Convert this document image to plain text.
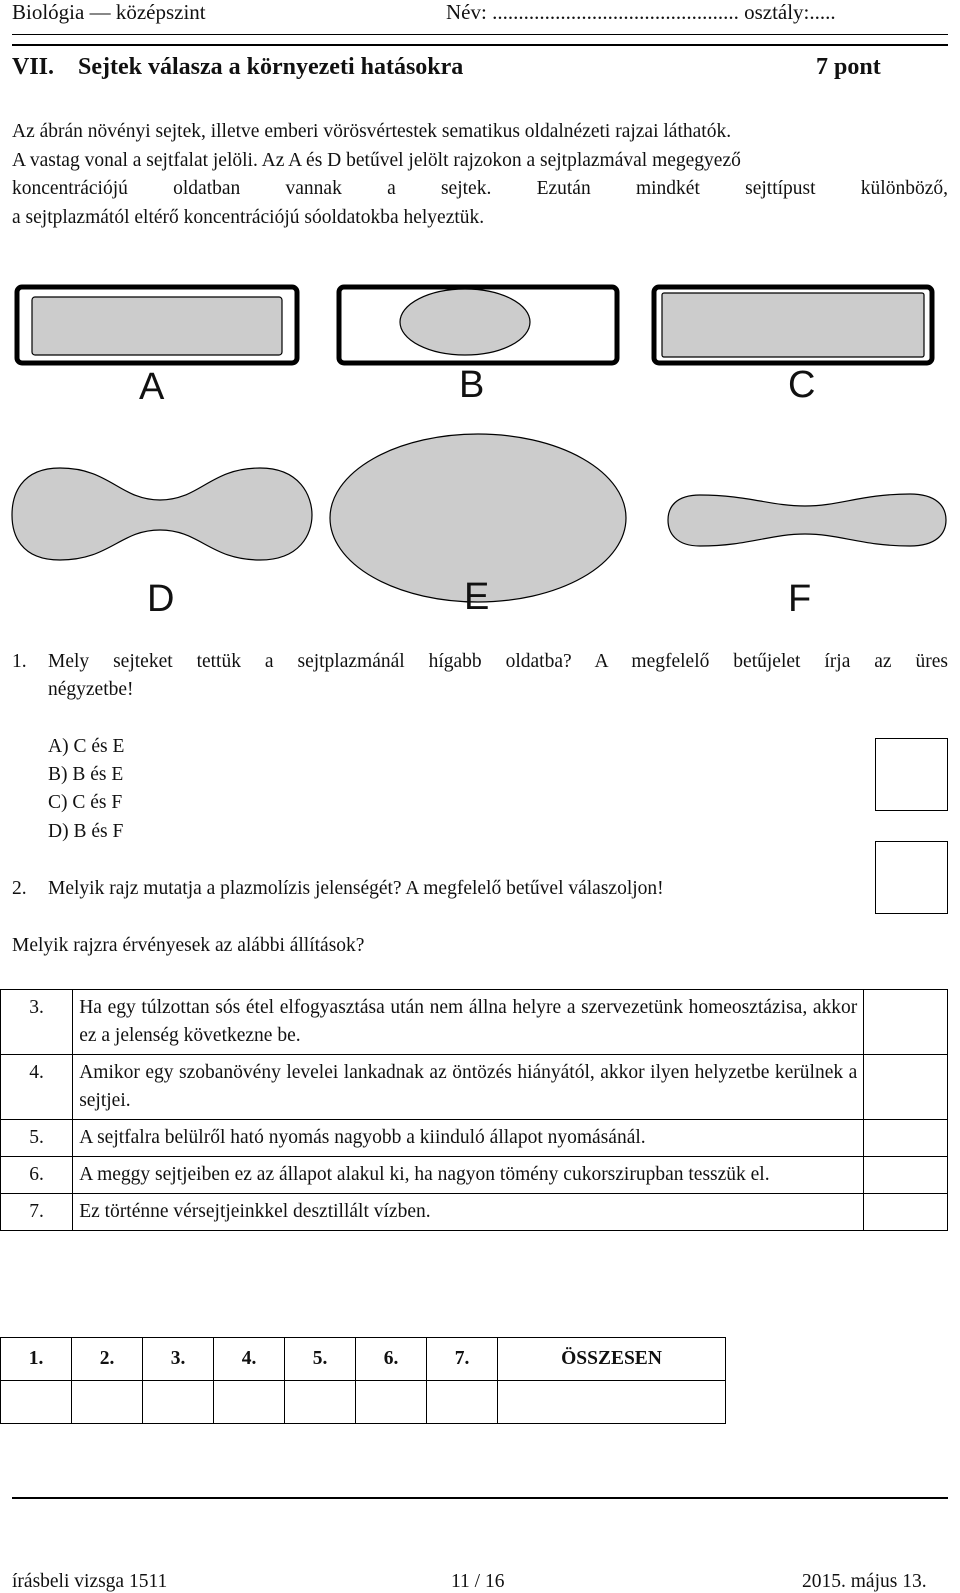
Biológia — középszint	Név: ............................................... osztály:.....
VII. Sejtek válasza a környezeti hatásokra	7 pont
Az ábrán növényi sejtek, illetve emberi vörösvértestek sematikus oldalnézeti rajzai láthatók.
A vastag vonal a sejtfalat jelöli. Az A és D betűvel jelölt rajzokon a sejtplazmával megegyező
koncentrációjú oldatban vannak a sejtek. Ezután mindkét sejttípust különböző,
a sejtplazmától eltérő koncentrációjú sóoldatokba helyeztük.
A	B	C
D	E	F
1. Mely sejteket tettük a sejtplazmánál hígabb oldatba? A megfelelő betűjelet írja az üres
négyzetbe!
A) C és E
B) B és E
C) C és F
D) B és F
2. Melyik rajz mutatja a plazmolízis jelenségét? A megfelelő betűvel válaszoljon!
Melyik rajzra érvényesek az alábbi állítások?
3.	Ha egy túlzottan sós étel elfogyasztása után nem állna helyre a szervezetünk homeosztázisa, akkor ez a jelenség következne be.	
4.	Amikor egy szobanövény levelei lankadnak az öntözés hiányától, akkor ilyen helyzetbe kerülnek a sejtjei.	
5.	A sejtfalra belülről ható nyomás nagyobb a kiinduló állapot nyomásánál.	
6.	A meggy sejtjeiben ez az állapot alakul ki, ha nagyon tömény cukorszirupban tesszük el.	
7.	Ez történne vérsejtjeinkkel desztillált vízben.	
1.	2.	3.	4.	5.	6.	7.	ÖSSZESEN

írásbeli vizsga 1511	11 / 16	2015. május 13.
